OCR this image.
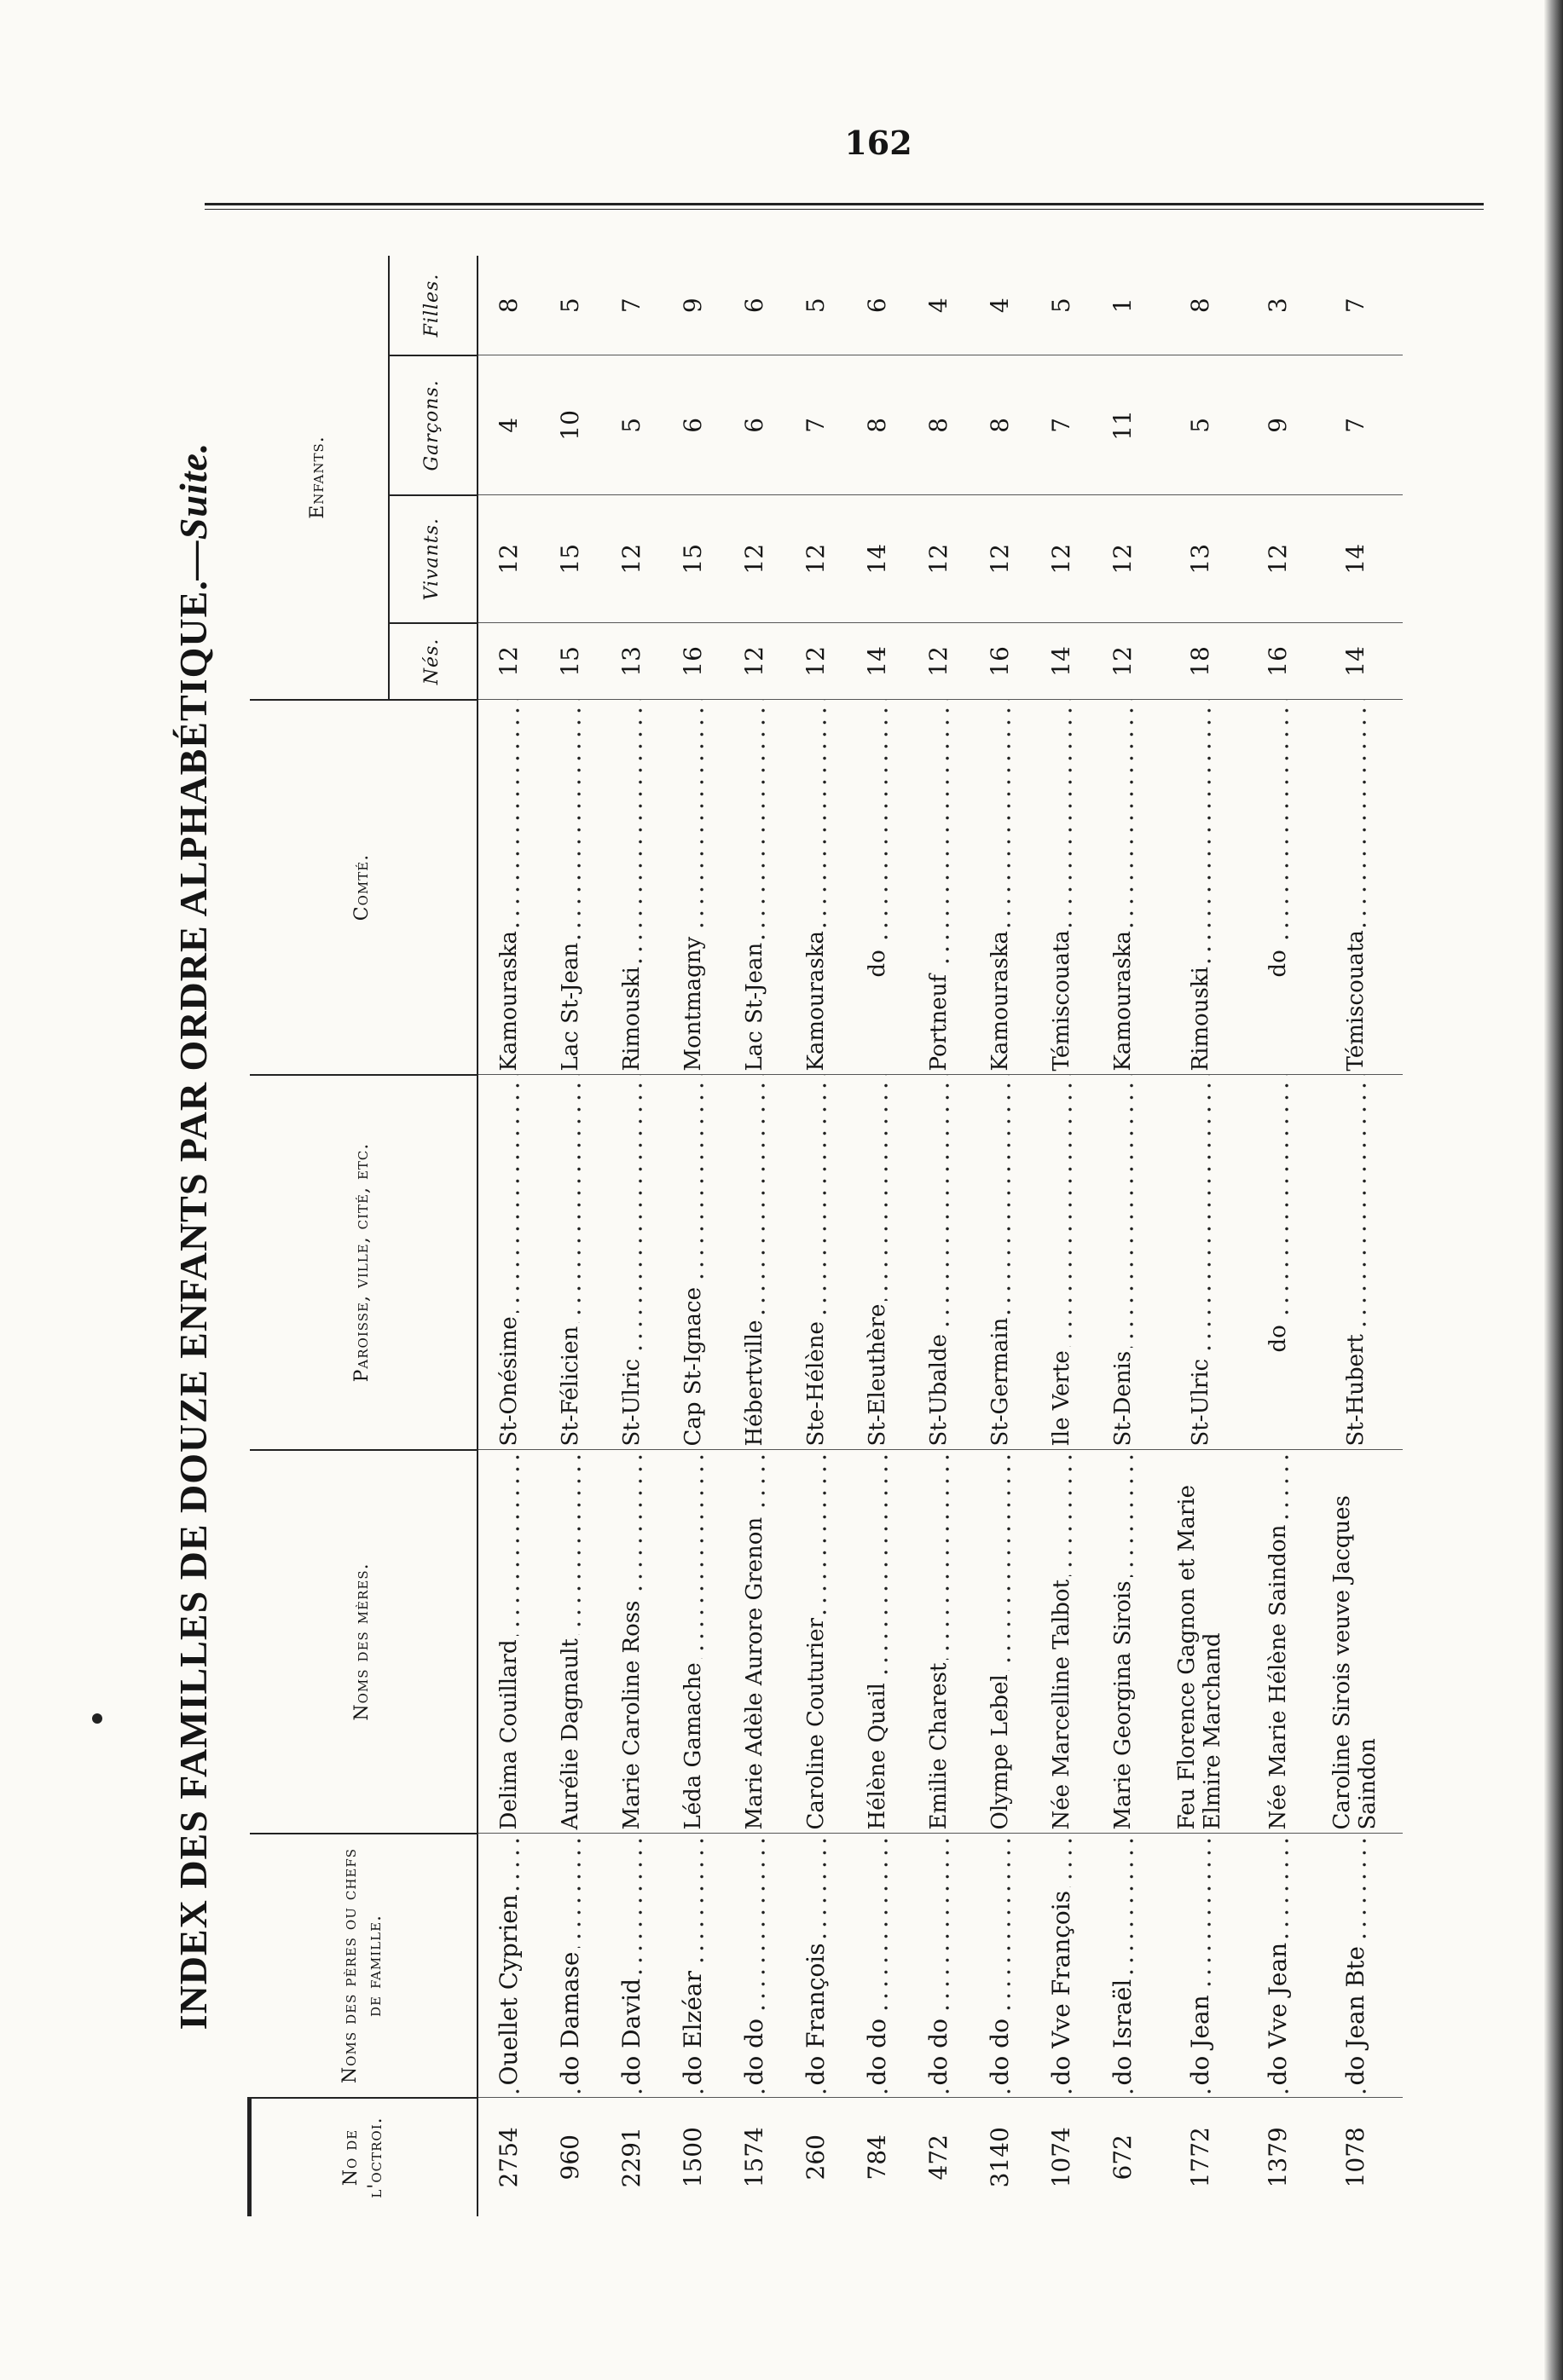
162
INDEX DES FAMILLES DE DOUZE ENFANTS PAR ORDRE ALPHABÉTIQUE.—Suite.
No de l'octroi.	Noms des pères ou chefs de famille.	Noms des mères.	Paroisse, ville, cité, etc.	Comté.	Enfants.			
					Nés.	Vivants.	Garçons.	Filles.
2754	Ouellet Cyprien	Delima Couillard	St-Onésime	Kamouraska	12	12	4	8
960	do Damase	Aurélie Dagnault	St-Félicien	Lac St-Jean	15	15	10	5
2291	do David	Marie Caroline Ross	St-Ulric	Rimouski	13	12	5	7
1500	do Elzéar	Léda Gamache	Cap St-Ignace	Montmagny	16	15	6	9
1574	do do	Marie Adèle Aurore Grenon	Hébertville	Lac St-Jean	12	12	6	6
260	do François	Caroline Couturier	Ste-Hélène	Kamouraska	12	12	7	5
784	do do	Hélène Quail	St-Eleuthère	do	14	14	8	6
472	do do	Emilie Charest	St-Ubalde	Portneuf	12	12	8	4
3140	do do	Olympe Lebel	St-Germain	Kamouraska	16	12	8	4
1074	do Vve François	Née Marcelline Talbot	Ile Verte	Témiscouata	14	12	7	5
672	do Israël	Marie Georgina Sirois	St-Denis	Kamouraska	12	12	11	1
1772	do Jean	Feu Florence Gagnon et Marie Elmire Marchand	St-Ulric	Rimouski	18	13	5	8
1379	do Vve Jean	Née Marie Hélène Saindon	do	do	16	12	9	3
1078	do Jean Bte	Caroline Sirois veuve Jacques Saindon	St-Hubert	Témiscouata	14	14	7	7
